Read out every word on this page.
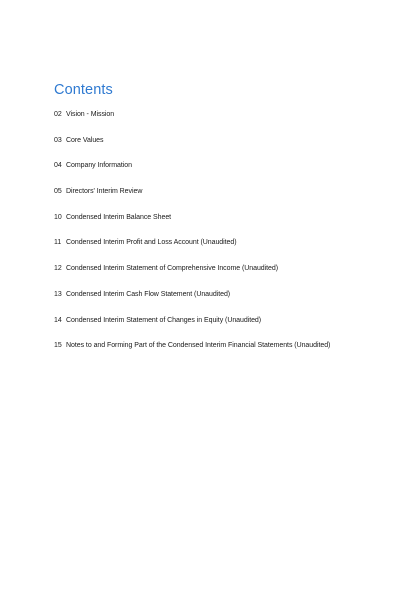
Contents
02 Vision - Mission
03 Core Values
04 Company Information
05 Directors' Interim Review
10 Condensed Interim Balance Sheet
11 Condensed Interim Profit and Loss Account (Unaudited)
12 Condensed Interim Statement of Comprehensive Income (Unaudited)
13 Condensed Interim Cash Flow Statement (Unaudited)
14 Condensed Interim Statement of Changes in Equity (Unaudited)
15 Notes to and Forming Part of the Condensed Interim Financial Statements (Unaudited)
